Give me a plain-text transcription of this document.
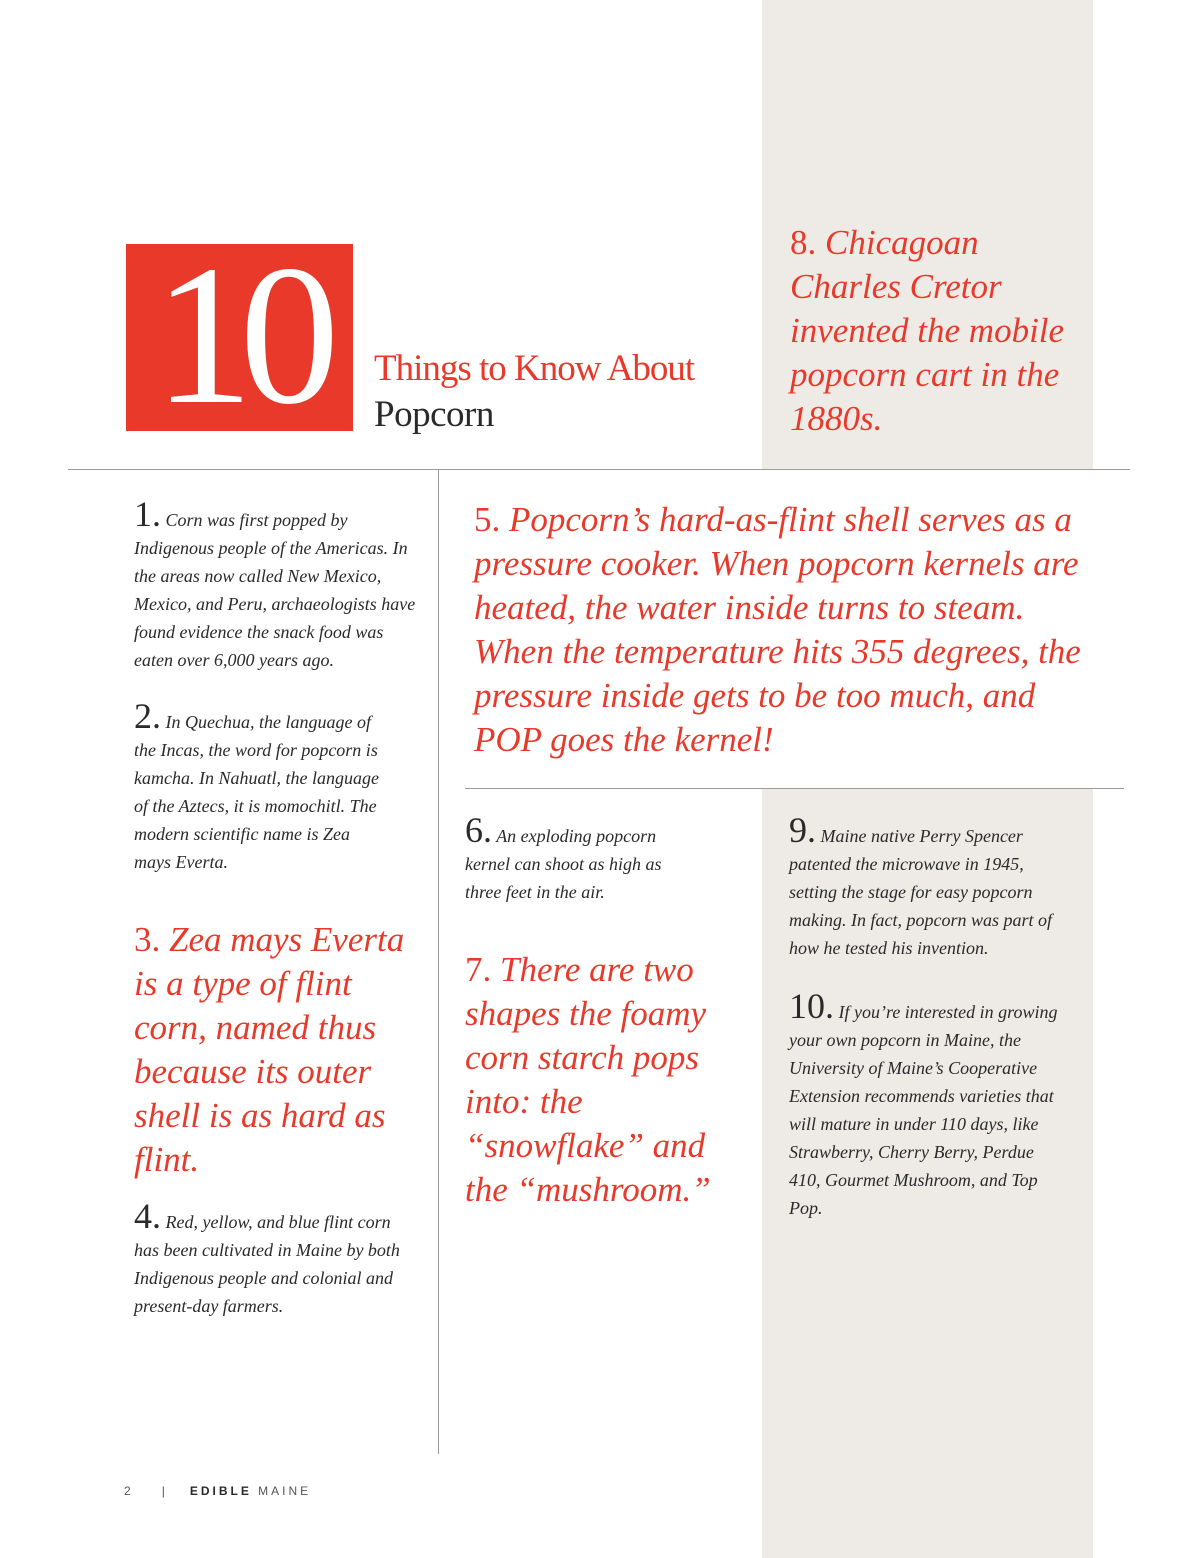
10	Things to Know About
Popcorn
1. Corn was first popped by Indigenous people of the Americas. In the areas now called New Mexico, Mexico, and Peru, archaeologists have found evidence the snack food was eaten over 6,000 years ago.
2. In Quechua, the language of the Incas, the word for popcorn is kamcha. In Nahuatl, the language of the Aztecs, it is momochitl. The modern scientific name is Zea mays Everta.
3. Zea mays Everta is a type of flint corn, named thus because its outer shell is as hard as flint.
4. Red, yellow, and blue flint corn has been cultivated in Maine by both Indigenous people and colonial and present-day farmers.
5. Popcorn’s hard-as-flint shell serves as a pressure cooker. When popcorn kernels are heated, the water inside turns to steam. When the temperature hits 355 degrees, the pressure inside gets to be too much, and POP goes the kernel!
6. An exploding popcorn kernel can shoot as high as three feet in the air.
7. There are two shapes the foamy corn starch pops into: the “snowflake” and the “mushroom.”
8. Chicagoan Charles Cretor invented the mobile popcorn cart in the 1880s.
9. Maine native Perry Spencer patented the microwave in 1945, setting the stage for easy popcorn making. In fact, popcorn was part of how he tested his invention.
10. If you’re interested in growing your own popcorn in Maine, the University of Maine’s Cooperative Extension recommends varieties that will mature in under 110 days, like Strawberry, Cherry Berry, Perdue 410, Gourmet Mushroom, and Top Pop.
2 | EDIBLE MAINE
